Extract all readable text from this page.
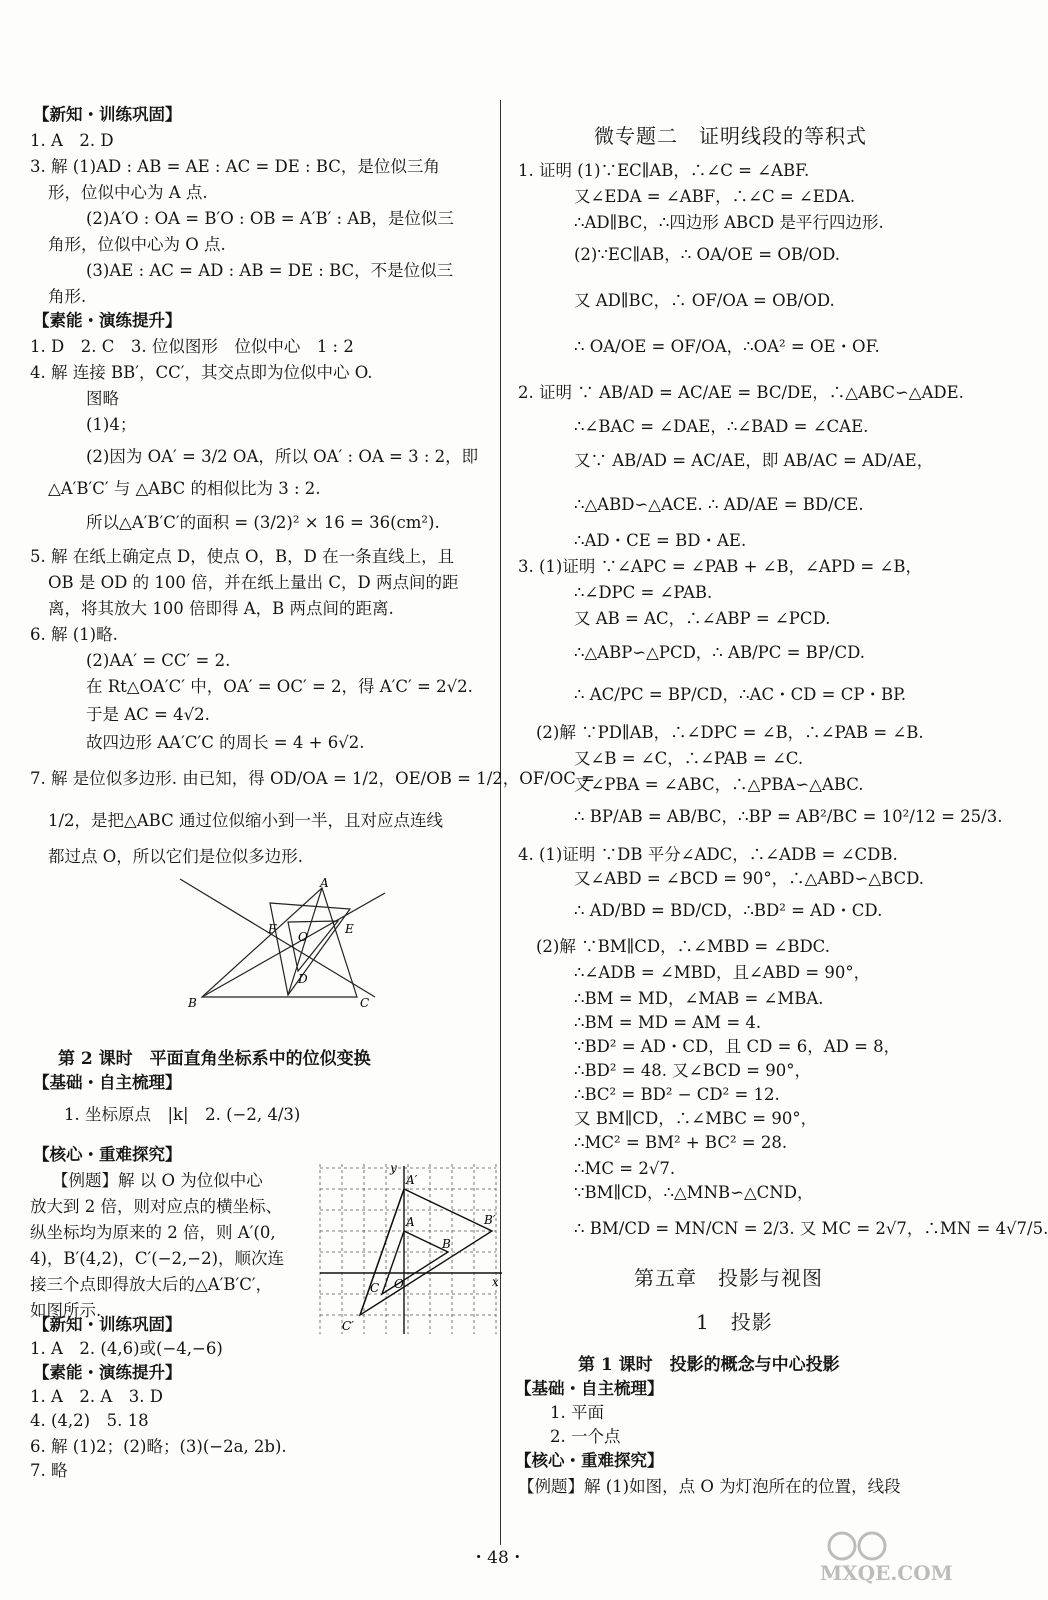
【新知・训练巩固】
1. A　2. D
3. 解 (1)AD : AB = AE : AC = DE : BC，是位似三角
形，位似中心为 A 点.
(2)A′O : OA = B′O : OB = A′B′ : AB，是位似三
角形，位似中心为 O 点.
(3)AE : AC = AD : AB = DE : BC，不是位似三
角形.
【素能・演练提升】
1. D　2. C　3. 位似图形　位似中心　1 : 2
4. 解 连接 BB′，CC′，其交点即为位似中心 O.
图略
(1)4；
(2)因为 OA′ = 3/2 OA，所以 OA′ : OA = 3 : 2，即
△A′B′C′ 与 △ABC 的相似比为 3 : 2.
所以△A′B′C′的面积 = (3/2)² × 16 = 36(cm²).
5. 解 在纸上确定点 D，使点 O，B，D 在一条直线上，且
OB 是 OD 的 100 倍，并在纸上量出 C，D 两点间的距
离，将其放大 100 倍即得 A，B 两点间的距离.
6. 解 (1)略.
(2)AA′ = CC′ = 2.
在 Rt△OA′C′ 中，OA′ = OC′ = 2，得 A′C′ = 2√2.
于是 AC = 4√2.
故四边形 AA′C′C 的周长 = 4 + 6√2.
7. 解 是位似多边形. 由已知，得 OD/OA = 1/2，OE/OB = 1/2，OF/OC =
1/2，是把△ABC 通过位似缩小到一半，且对应点连线
都过点 O，所以它们是位似多边形.
A
F
O
E
D
B	C
第 2 课时　平面直角坐标系中的位似变换
【基础・自主梳理】
1. 坐标原点　|k|　2. (−2, 4/3)
【核心・重难探究】
【例题】解 以 O 为位似中心
放大到 2 倍，则对应点的横坐标、
纵坐标均为原来的 2 倍，则 A′(0,
4)，B′(4,2)，C′(−2,−2)，顺次连
接三个点即得放大后的△A′B′C′，
如图所示.
y
A′
A	B′
B
C O	x
C′
【新知・训练巩固】
1. A　2. (4,6)或(−4,−6)
【素能・演练提升】
1. A　2. A　3. D
4. (4,2)　5. 18
6. 解 (1)2；(2)略；(3)(−2a, 2b).
7. 略
微专题二　证明线段的等积式
1. 证明 (1)∵EC∥AB，∴∠C = ∠ABF.
又∠EDA = ∠ABF，∴∠C = ∠EDA.
∴AD∥BC，∴四边形 ABCD 是平行四边形.
(2)∵EC∥AB，∴ OA/OE = OB/OD.
又 AD∥BC，∴ OF/OA = OB/OD.
∴ OA/OE = OF/OA，∴OA² = OE・OF.
2. 证明 ∵ AB/AD = AC/AE = BC/DE，∴△ABC∽△ADE.
∴∠BAC = ∠DAE，∴∠BAD = ∠CAE.
又∵ AB/AD = AC/AE，即 AB/AC = AD/AE，
∴△ABD∽△ACE. ∴ AD/AE = BD/CE.
∴AD・CE = BD・AE.
3. (1)证明 ∵∠APC = ∠PAB + ∠B，∠APD = ∠B，
∴∠DPC = ∠PAB.
又 AB = AC，∴∠ABP = ∠PCD.
∴△ABP∽△PCD，∴ AB/PC = BP/CD.
∴ AC/PC = BP/CD，∴AC・CD = CP・BP.
(2)解 ∵PD∥AB，∴∠DPC = ∠B，∴∠PAB = ∠B.
又∠B = ∠C，∴∠PAB = ∠C.
又∠PBA = ∠ABC，∴△PBA∽△ABC.
∴ BP/AB = AB/BC，∴BP = AB²/BC = 10²/12 = 25/3.
4. (1)证明 ∵DB 平分∠ADC，∴∠ADB = ∠CDB.
又∠ABD = ∠BCD = 90°，∴△ABD∽△BCD.
∴ AD/BD = BD/CD，∴BD² = AD・CD.
(2)解 ∵BM∥CD，∴∠MBD = ∠BDC.
∴∠ADB = ∠MBD，且∠ABD = 90°，
∴BM = MD，∠MAB = ∠MBA.
∴BM = MD = AM = 4.
∵BD² = AD・CD，且 CD = 6，AD = 8，
∴BD² = 48. 又∠BCD = 90°，
∴BC² = BD² − CD² = 12.
又 BM∥CD，∴∠MBC = 90°，
∴MC² = BM² + BC² = 28.
∴MC = 2√7.
∵BM∥CD，∴△MNB∽△CND，
∴ BM/CD = MN/CN = 2/3. 又 MC = 2√7，∴MN = 4√7/5.
第五章　投影与视图
1　投影
第 1 课时　投影的概念与中心投影
【基础・自主梳理】
1. 平面
2. 一个点
【核心・重难探究】
【例题】解 (1)如图，点 O 为灯泡所在的位置，线段
・48・
MXQE.COM
